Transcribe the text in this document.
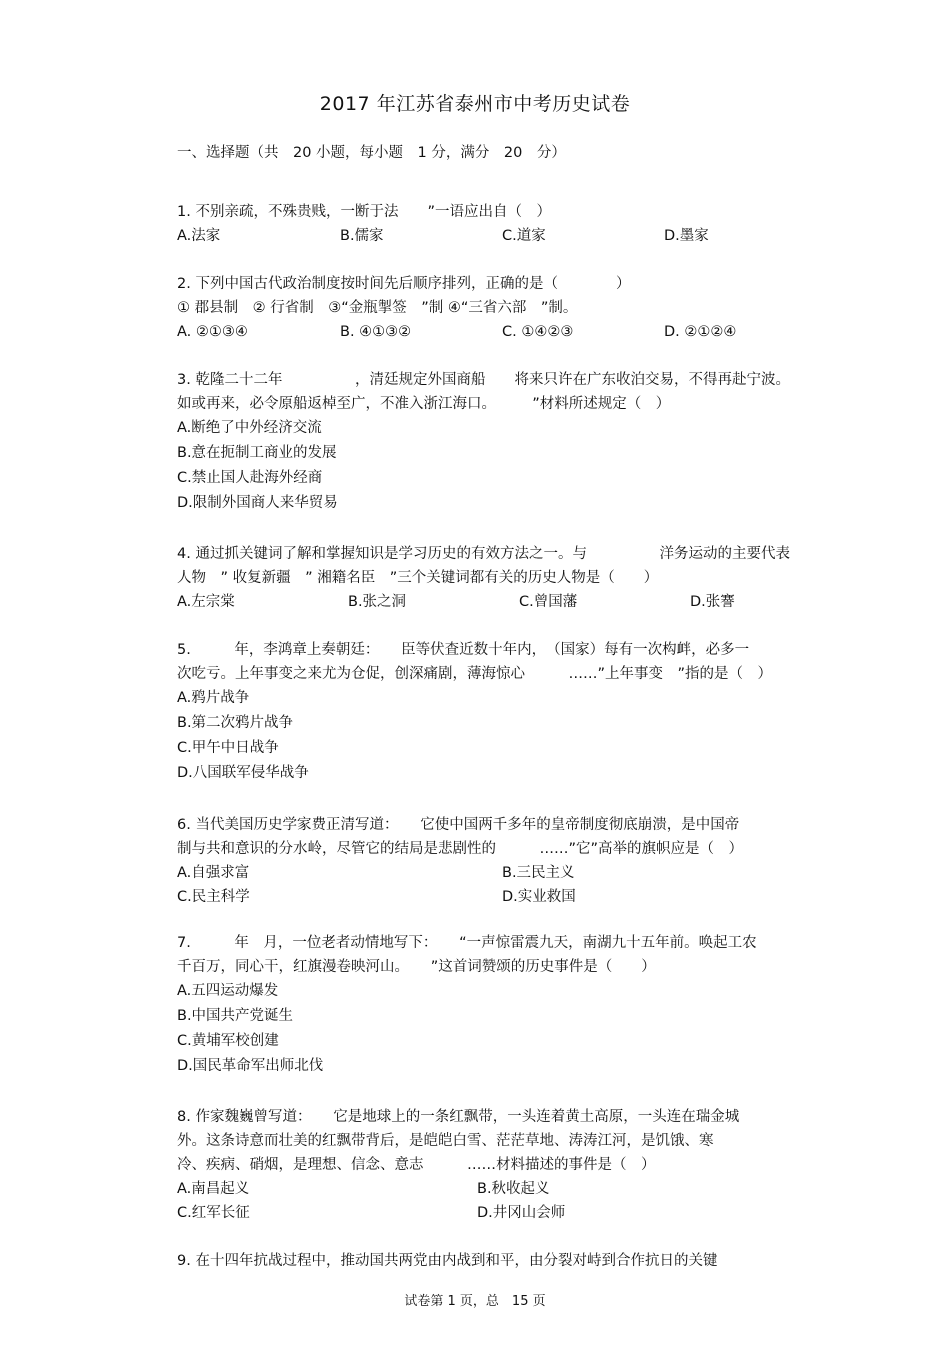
2017 年江苏省泰州市中考历史试卷
一、选择题（共　20 小题，每小题　1 分，满分　20　分）
1. 不别亲疏，不殊贵贱，一断于法　　”一语应出自（　）
A.法家	B.儒家	C.道家	D.墨家
2. 下列中国古代政治制度按时间先后顺序排列，正确的是（　　　　）
① 郡县制　② 行省制　③“金瓶掣签　”制 ④“三省六部　”制。
A. ②①③④	B. ④①③②	C. ①④②③	D. ②①②④
3. 乾隆二十二年　　　　　，清廷规定外国商船　　将来只许在广东收泊交易，不得再赴宁波。
如或再来，必令原船返棹至广，不准入浙江海口。　　　”材料所述规定（　）
A.断绝了中外经济交流
B.意在扼制工商业的发展
C.禁止国人赴海外经商
D.限制外国商人来华贸易
4. 通过抓关键词了解和掌握知识是学习历史的有效方法之一。与　　　　　洋务运动的主要代表
人物　” 收复新疆　” 湘籍名臣　”三个关键词都有关的历史人物是（　　）
A.左宗棠	B.张之洞	C.曾国藩	D.张謇
5.　　　年，李鸿章上奏朝廷：　　臣等伏査近数十年内，　（国家）每有一次构衅，必多一
次吃亏。上年事变之来尤为仓促，创深痛剧，薄海惊心　　　……”上年事变　”指的是（　）
A.鸦片战争
B.第二次鸦片战争
C.甲午中日战争
D.八国联军侵华战争
6. 当代美国历史学家费正清写道：　　它使中国两千多年的皇帝制度彻底崩溃，是中国帝
制与共和意识的分水岭，尽管它的结局是悲剧性的　　　……”它”高举的旗帜应是（　）
A.自强求富	B.三民主义
C.民主科学	D.实业救国
7.　　　年　月，一位老者动情地写下：　　“一声惊雷震九天，南湖九十五年前。唤起工农
千百万，同心干，红旗漫卷映河山。　　”这首词赞颂的历史事件是（　　）
A.五四运动爆发
B.中国共产党诞生
C.黄埔军校创建
D.国民革命军出师北伐
8. 作家魏巍曾写道：　　它是地球上的一条红飘带，一头连着黄土高原，一头连在瑞金城
外。这条诗意而壮美的红飘带背后，是皑皑白雪、茫茫草地、涛涛江河，是饥饿、寒
冷、疾病、硝烟，是理想、信念、意志　　　……材料描述的事件是（　）
A.南昌起义	B.秋收起义
C.红军长征	D.井冈山会师
9. 在十四年抗战过程中，推动国共两党由内战到和平，由分裂对峙到合作抗日的关键
试卷第 1 页，总　15 页
